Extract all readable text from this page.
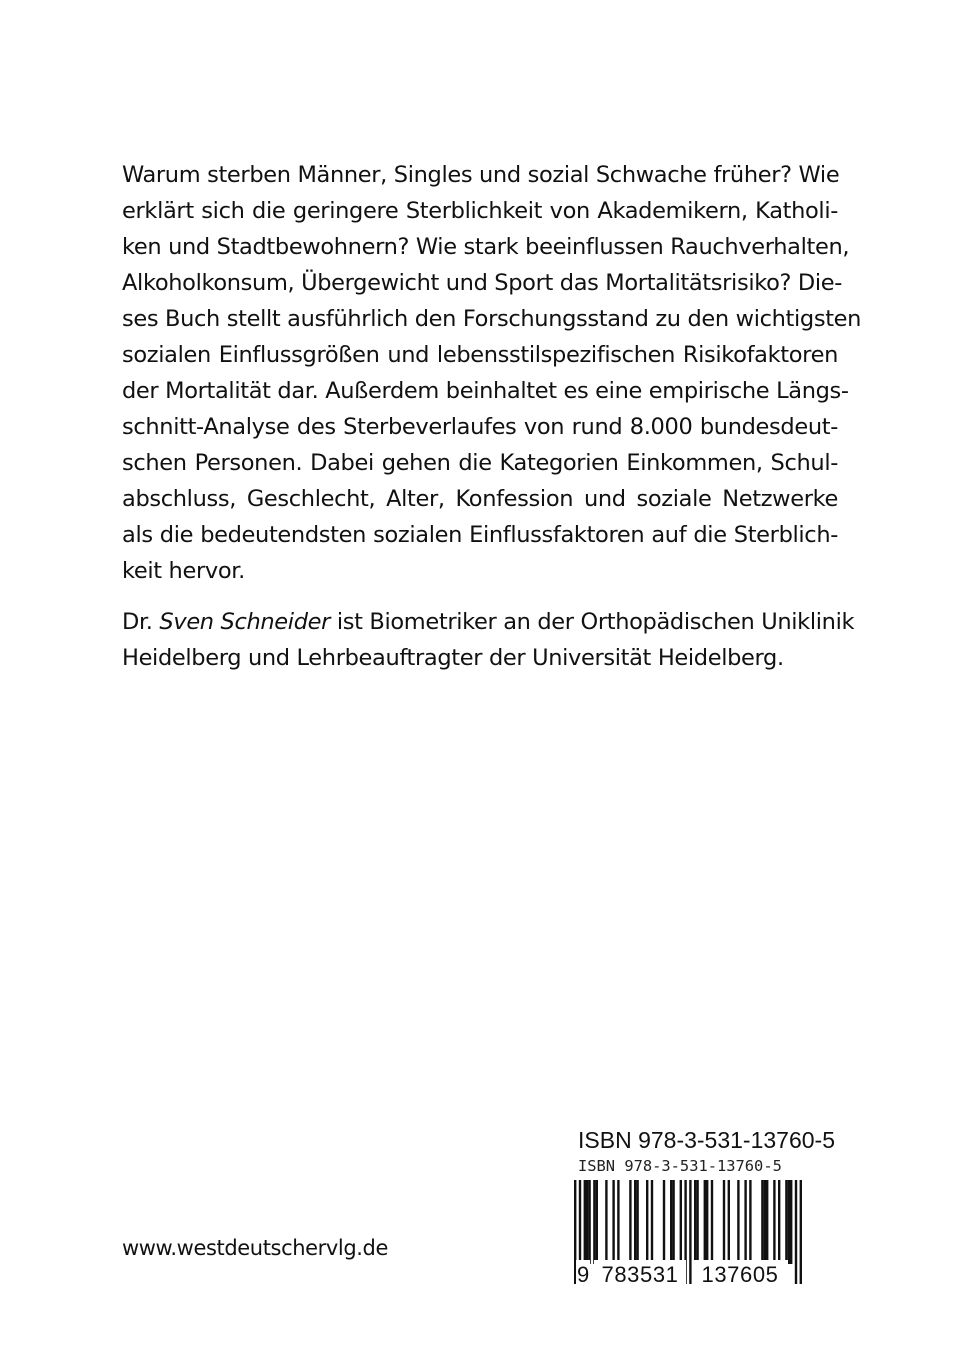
Warum sterben Männer, Singles und sozial Schwache früher? Wie
erklärt sich die geringere Sterblichkeit von Akademikern, Katholi-
ken und Stadtbewohnern? Wie stark beeinflussen Rauchverhalten,
Alkoholkonsum, Übergewicht und Sport das Mortalitätsrisiko? Die-
ses Buch stellt ausführlich den Forschungsstand zu den wichtigsten
sozialen Einflussgrößen und lebensstilspezifischen Risikofaktoren
der Mortalität dar. Außerdem beinhaltet es eine empirische Längs-
schnitt-Analyse des Sterbeverlaufes von rund 8.000 bundesdeut-
schen Personen. Dabei gehen die Kategorien Einkommen, Schul-
abschluss, Geschlecht, Alter, Konfession und soziale Netzwerke
als die bedeutendsten sozialen Einflussfaktoren auf die Sterblich-
keit hervor.
Dr. Sven Schneider ist Biometriker an der Orthopädischen Uniklinik
Heidelberg und Lehrbeauftragter der Universität Heidelberg.
www.westdeutschervlg.de
ISBN 978-3-531-13760-5
ISBN 978-3-531-13760-5
9 783531	137605
